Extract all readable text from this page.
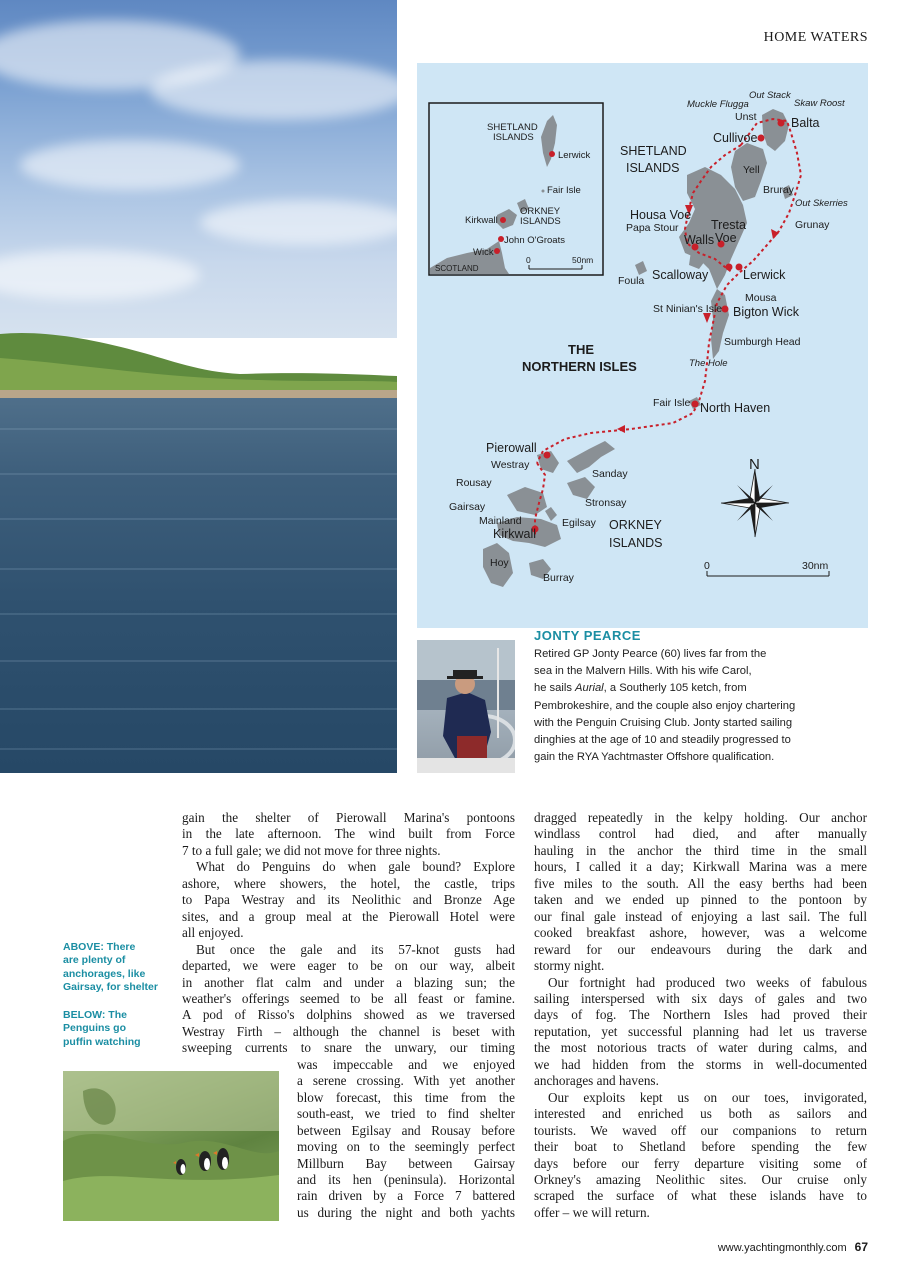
HOME WATERS
SHETLAND
ISLANDS
Lerwick
Fair Isle
ORKNEY
ISLANDS
Kirkwall
John O'Groats
Wick
SCOTLAND
0	50nm
Out Stack
Muckle Flugga	Skaw Roost
Unst	Balta
Cullivoe
SHETLAND
ISLANDS	Yell
Bruray
Out Skerries
Grunay
Housa Voe
Papa Stour	Tresta
Voe
Walls
Foula Scalloway	Lerwick
Mousa
St Ninian's Isle Bigton Wick
Sumburgh Head
The Hole
THE
NORTHERN ISLES
Fair Isle North Haven
Pierowall
Westray
Sanday
Rousay
Stronsay
Gairsay
Mainland	Egilsay
Kirkwall
ORKNEY
ISLANDS
Hoy
Burray
N
0	30nm
JONTY PEARCE
Retired GP Jonty Pearce (60) lives far from the
sea in the Malvern Hills. With his wife Carol,
he sails Aurial, a Southerly 105 ketch, from
Pembrokeshire, and the couple also enjoy chartering
with the Penguin Cruising Club. Jonty started sailing
dinghies at the age of 10 and steadily progressed to
gain the RYA Yachtmaster Offshore qualification.
ABOVE: There
are plenty of
anchorages, like
Gairsay, for shelter
BELOW: The
Penguins go
puffin watching
gain the shelter of Pierowall Marina's pontoons
in the late afternoon. The wind built from Force
7 to a full gale; we did not move for three nights.
What do Penguins do when gale bound? Explore
ashore, where showers, the hotel, the castle, trips
to Papa Westray and its Neolithic and Bronze Age
sites, and a group meal at the Pierowall Hotel were
all enjoyed.
But once the gale and its 57-knot gusts had
departed, we were eager to be on our way, albeit
in another flat calm and under a blazing sun; the
weather's offerings seemed to be all feast or famine.
A pod of Risso's dolphins showed as we traversed
Westray Firth – although the channel is beset with
sweeping currents to snare the unwary, our timing
was impeccable and we enjoyed
a serene crossing. With yet another
blow forecast, this time from the
south-east, we tried to find shelter
between Egilsay and Rousay before
moving on to the seemingly perfect
Millburn Bay between Gairsay
and its hen (peninsula). Horizontal
rain driven by a Force 7 battered
us during the night and both yachts
dragged repeatedly in the kelpy holding. Our anchor
windlass control had died, and after manually
hauling in the anchor the third time in the small
hours, I called it a day; Kirkwall Marina was a mere
five miles to the south. All the easy berths had been
taken and we ended up pinned to the pontoon by
our final gale instead of enjoying a last sail. The full
cooked breakfast ashore, however, was a welcome
reward for our endeavours during the dark and
stormy night.
Our fortnight had produced two weeks of fabulous
sailing interspersed with six days of gales and two
days of fog. The Northern Isles had proved their
reputation, yet successful planning had let us traverse
the most notorious tracts of water during calms, and
we had hidden from the storms in well-documented
anchorages and havens.
Our exploits kept us on our toes, invigorated,
interested and enriched us both as sailors and
tourists. We waved off our companions to return
their boat to Shetland before spending the few
days before our ferry departure visiting some of
Orkney's amazing Neolithic sites. Our cruise only
scraped the surface of what these islands have to
offer – we will return.
www.yachtingmonthly.com 67
